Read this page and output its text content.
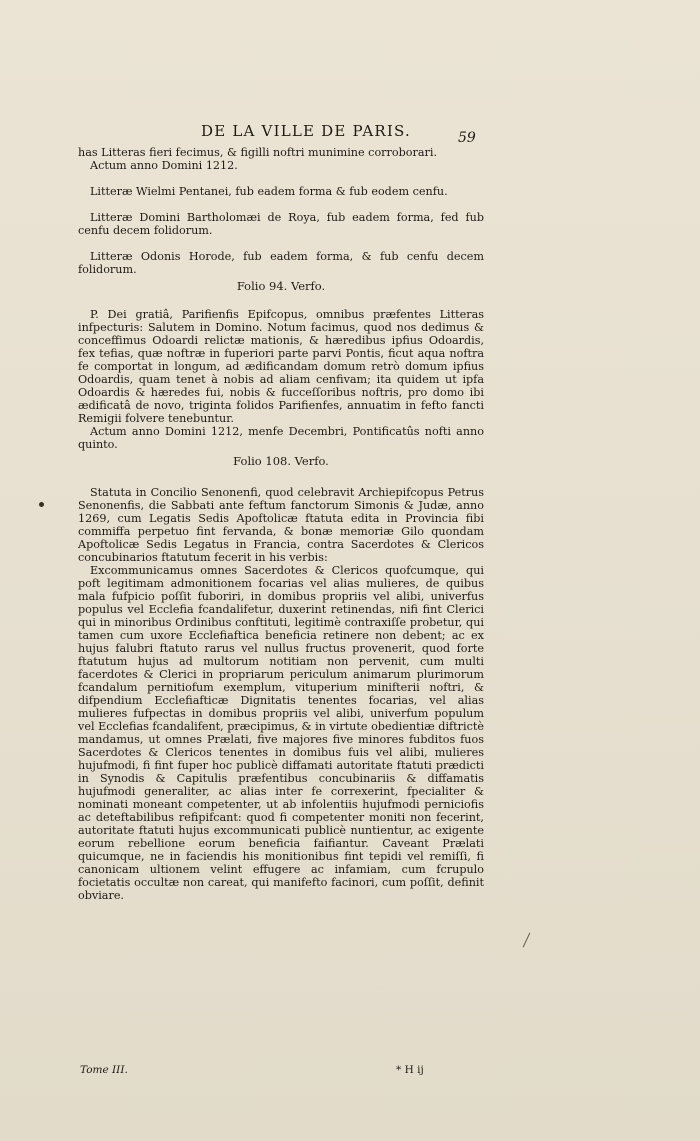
DE LA VILLE DE PARIS.	59

has Litteras fieri fecimus, & figilli noftri munimine corroborari.

Actum anno Domini 1212.

Litteræ Wielmi Pentanei, fub eadem forma & fub eodem cenfu.

Litteræ Domini Bartholomæi de Roya, fub eadem forma, fed fub cenfu decem folidorum.

Litteræ Odonis Horode, fub eadem forma, & fub cenfu decem folidorum.

Folio 94. Verfo.

P. Dei gratiâ, Parifienfis Epifcopus, omnibus præfentes Litteras infpecturis: Salutem in Domino. Notum facimus, quod nos dedimus & conceffimus Odoardi relictæ mationis, & hæredibus ipfius Odoardis, fex tefias, quæ noftræ in fuperiori parte parvi Pontis, ficut aqua noftra fe comportat in longum, ad ædificandam domum retrò domum ipfius Odoardis, quam tenet à nobis ad aliam cenfivam; ita quidem ut ipfa Odoardis & hæredes fui, nobis & fucceſſoribus noftris, pro domo ibi ædificatâ de novo, triginta folidos Parifienfes, annuatim in fefto fancti Remigii folvere tenebuntur.

Actum anno Domini 1212, menfe Decembri, Pontificatûs nofti anno quinto.

Folio 108. Verfo.

Statuta in Concilio Senonenfi, quod celebravit Archiepifcopus Petrus Senonenfis, die Sabbati ante feftum fanctorum Simonis & Judæ, anno 1269, cum Legatis Sedis Apoftolicæ ftatuta edita in Provincia fibi commiffa perpetuo fint fervanda, & bonæ memoriæ Gilo quondam Apoftolicæ Sedis Legatus in Francia, contra Sacerdotes & Clericos concubinarios ftatutum fecerit in his verbis:

Excommunicamus omnes Sacerdotes & Clericos quofcumque, qui poft legitimam admonitionem focarias vel alias mulieres, de quibus mala fufpicio poſſit fuboriri, in domibus propriis vel alibi, univerfus populus vel Ecclefia fcandalifetur, duxerint retinendas, nifi fint Clerici qui in minoribus Ordinibus conftituti, legitimè contraxiſſe probetur, qui tamen cum uxore Ecclefiaftica beneficia retinere non debent; ac ex hujus falubri ftatuto rarus vel nullus fructus provenerit, quod forte ftatutum hujus ad multorum notitiam non pervenit, cum multi facerdotes & Clerici in propriarum periculum animarum plurimorum fcandalum pernitiofum exemplum, vituperium minifterii noftri, & difpendium Ecclefiafticæ Dignitatis tenentes focarias, vel alias mulieres fufpectas in domibus propriis vel alibi, univerfum populum vel Ecclefias fcandalifent, præcipimus, & in virtute obedientiæ diftrictè mandamus, ut omnes Prælati, five majores five minores fubditos fuos Sacerdotes & Clericos tenentes in domibus fuis vel alibi, mulieres hujufmodi, fi fint fuper hoc publicè diffamati autoritate ftatuti prædicti in Synodis & Capitulis præfentibus concubinariis & diffamatis hujufmodi generaliter, ac alias inter fe correxerint, fpecialiter & nominati moneant competenter, ut ab infolentiis hujufmodi perniciofis ac deteftabilibus refipifcant: quod fi competenter moniti non fecerint, autoritate ftatuti hujus excommunicati publicè nuntientur, ac exigente eorum rebellione eorum beneficia faifiantur. Caveant Prælati quicumque, ne in faciendis his monitionibus fint tepidi vel remiſſi, fi canonicam ultionem velint effugere ac infamiam, cum fcrupulo focietatis occultæ non careat, qui manifefto facinori, cum poſſit, definit obviare.

Tome III.	* H ij
